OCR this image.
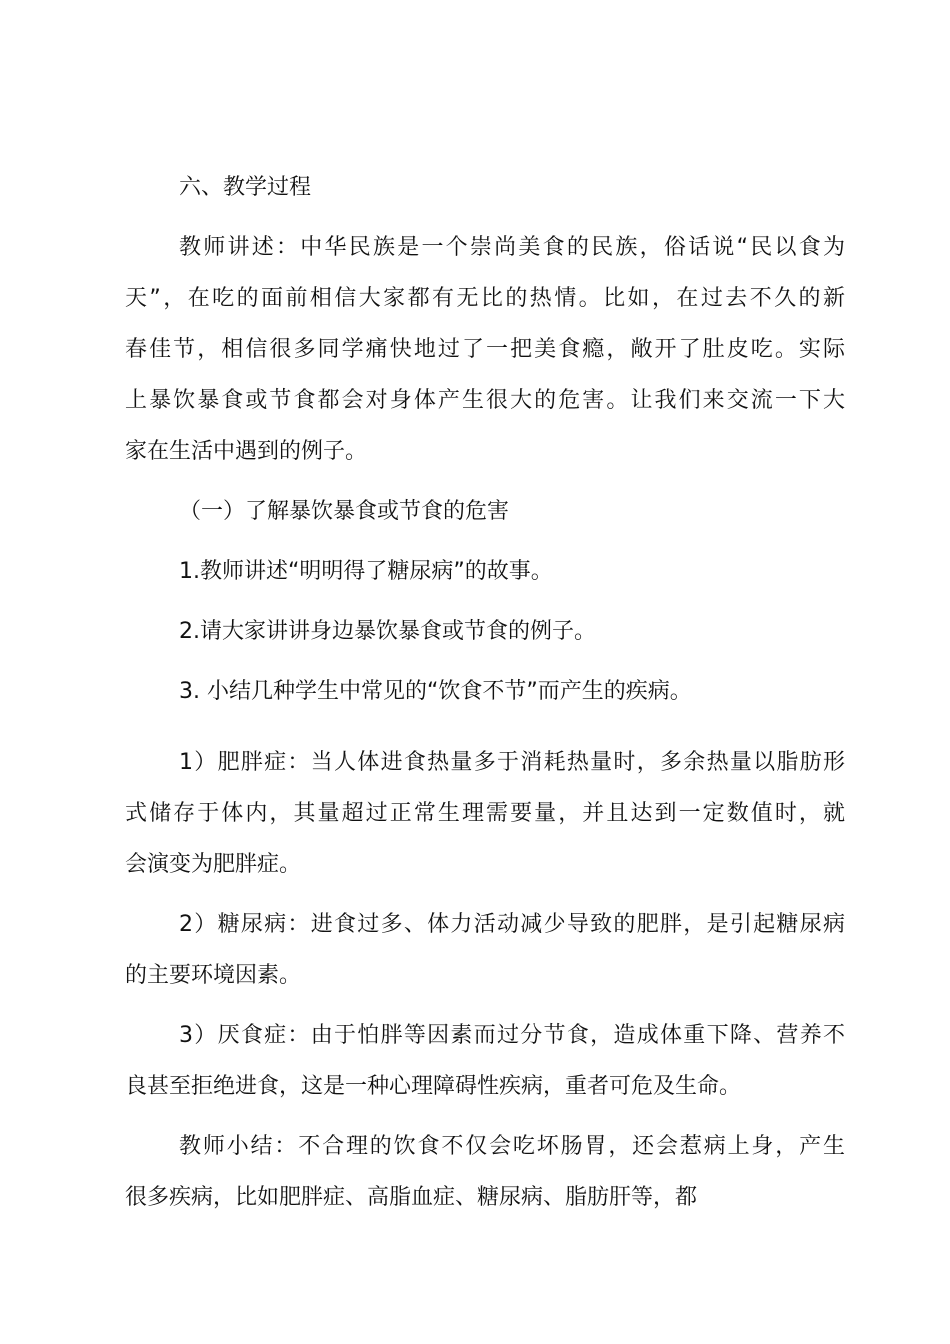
六、教学过程
教师讲述：中华民族是一个崇尚美食的民族，俗话说“民以食为
天”，在吃的面前相信大家都有无比的热情。比如，在过去不久的新
春佳节，相信很多同学痛快地过了一把美食瘾，敞开了肚皮吃。实际
上暴饮暴食或节食都会对身体产生很大的危害。让我们来交流一下大
家在生活中遇到的例子。
（一）了解暴饮暴食或节食的危害
1.教师讲述“明明得了糖尿病”的故事。
2.请大家讲讲身边暴饮暴食或节食的例子。
3. 小结几种学生中常见的“饮食不节”而产生的疾病。
1）肥胖症：当人体进食热量多于消耗热量时，多余热量以脂肪形
式储存于体内，其量超过正常生理需要量，并且达到一定数值时，就
会演变为肥胖症。
2）糖尿病：进食过多、体力活动减少导致的肥胖，是引起糖尿病
的主要环境因素。
3）厌食症：由于怕胖等因素而过分节食，造成体重下降、营养不
良甚至拒绝进食，这是一种心理障碍性疾病，重者可危及生命。
教师小结：不合理的饮食不仅会吃坏肠胃，还会惹病上身，产生
很多疾病，比如肥胖症、高脂血症、糖尿病、脂肪肝等，都
